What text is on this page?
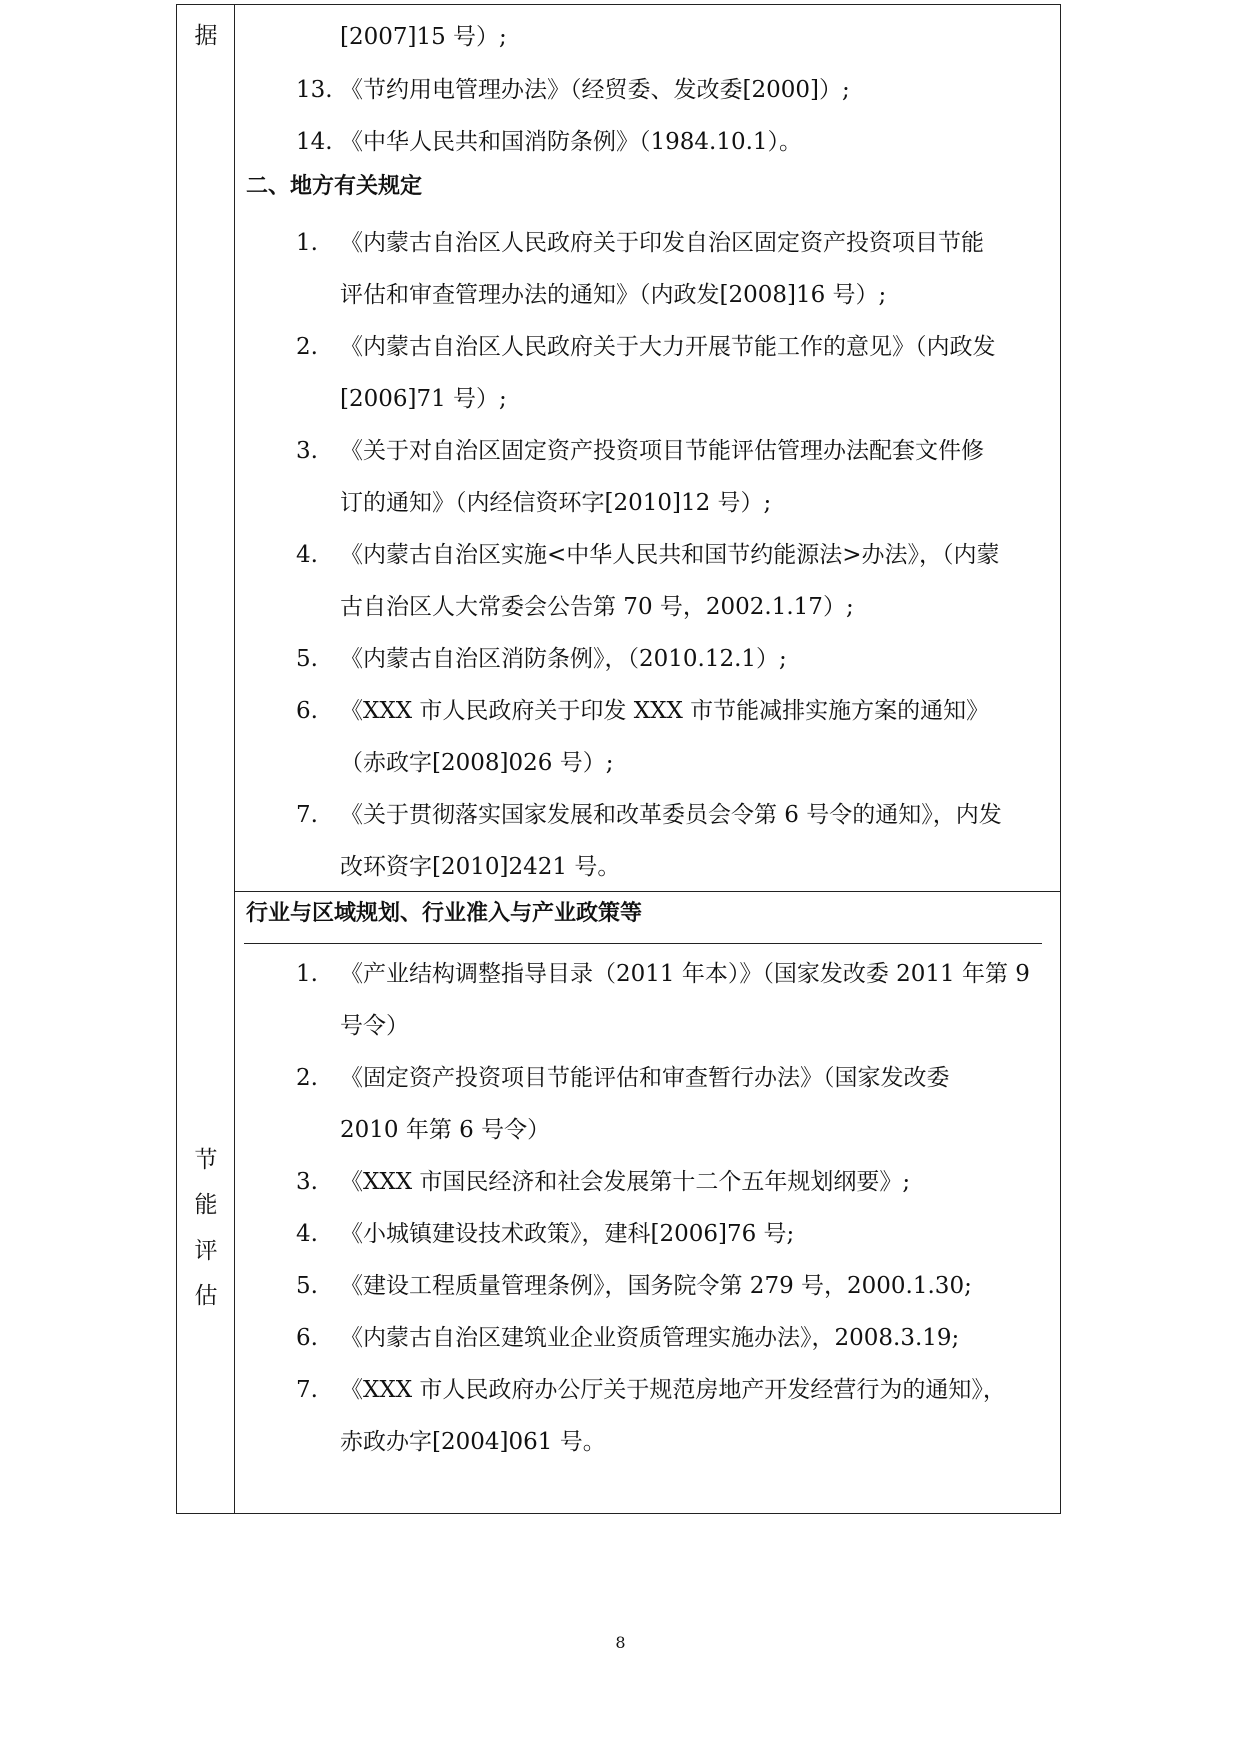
据
节
能
评
估
[2007]15 号）;
13. 《节约用电管理办法》（经贸委、发改委[2000]）;
14. 《中华人民共和国消防条例》（1984.10.1）。
二、地方有关规定
1. 《内蒙古自治区人民政府关于印发自治区固定资产投资项目节能
评估和审查管理办法的通知》（内政发[2008]16 号）;
2. 《内蒙古自治区人民政府关于大力开展节能工作的意见》（内政发
[2006]71 号）;
3. 《关于对自治区固定资产投资项目节能评估管理办法配套文件修
订的通知》（内经信资环字[2010]12 号）;
4. 《内蒙古自治区实施<中华人民共和国节约能源法>办法》，（内蒙
古自治区人大常委会公告第 70 号，2002.1.17）;
5. 《内蒙古自治区消防条例》，（2010.12.1）;
6. 《XXX 市人民政府关于印发 XXX 市节能减排实施方案的通知》
（赤政字[2008]026 号）;
7. 《关于贯彻落实国家发展和改革委员会令第 6 号令的通知》，内发
改环资字[2010]2421 号。
行业与区域规划、行业准入与产业政策等
1. 《产业结构调整指导目录（2011 年本）》（国家发改委 2011 年第 9
号令）
2. 《固定资产投资项目节能评估和审查暂行办法》（国家发改委
2010 年第 6 号令）
3. 《XXX 市国民经济和社会发展第十二个五年规划纲要》;
4. 《小城镇建设技术政策》，建科[2006]76 号;
5. 《建设工程质量管理条例》，国务院令第 279 号，2000.1.30;
6. 《内蒙古自治区建筑业企业资质管理实施办法》，2008.3.19;
7. 《XXX 市人民政府办公厅关于规范房地产开发经营行为的通知》，
赤政办字[2004]061 号。
8
